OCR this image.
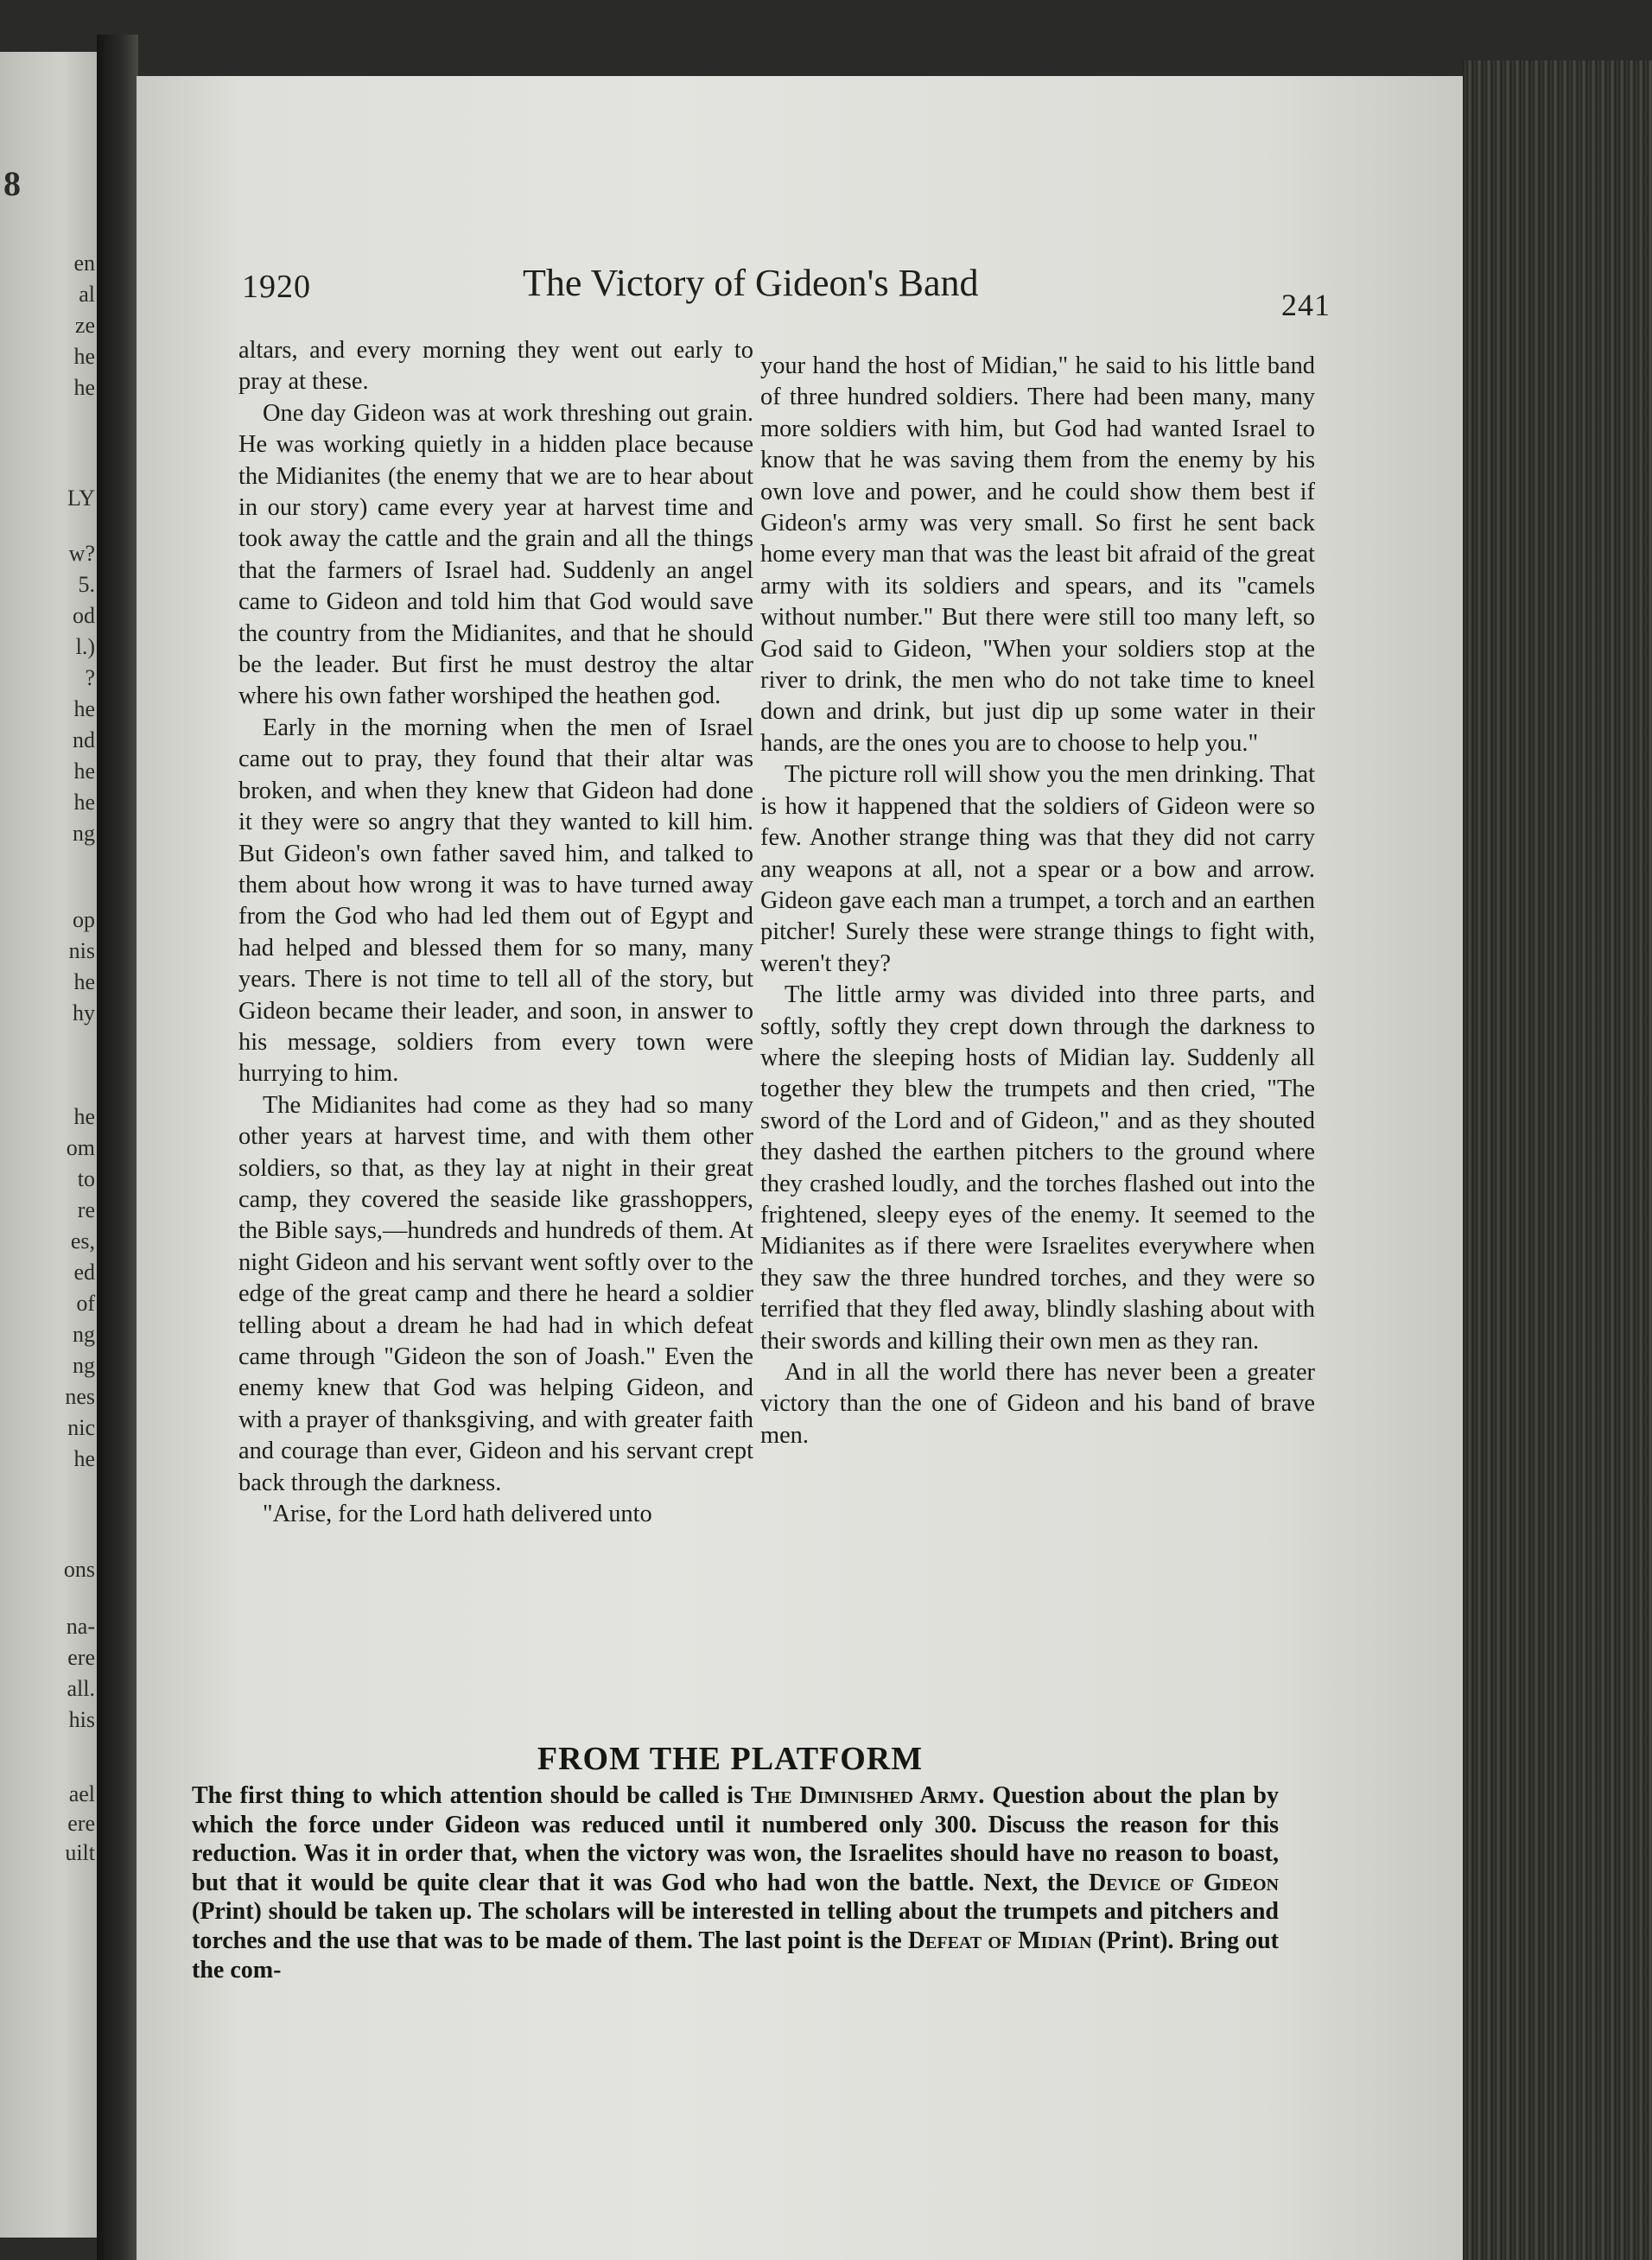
8
en
al
ze
he
he
LY
w?
5.
od
l.)
?
he
nd
he
he
ng
op
nis
he
hy
he
om
to
re
es,
ed
of
ng
ng
nes
nic
he
ons
na-
ere
all.
his
ael
ere
uilt
1920	The Victory of Gideon's Band
241

altars, and every morning they went out early to pray at these.

One day Gideon was at work threshing out grain. He was working quietly in a hidden place because the Midianites (the enemy that we are to hear about in our story) came every year at harvest time and took away the cattle and the grain and all the things that the farmers of Israel had. Suddenly an angel came to Gideon and told him that God would save the country from the Midianites, and that he should be the leader. But first he must destroy the altar where his own father worshiped the heathen god.

Early in the morning when the men of Israel came out to pray, they found that their altar was broken, and when they knew that Gideon had done it they were so angry that they wanted to kill him. But Gideon's own father saved him, and talked to them about how wrong it was to have turned away from the God who had led them out of Egypt and had helped and blessed them for so many, many years. There is not time to tell all of the story, but Gideon became their leader, and soon, in answer to his message, soldiers from every town were hurrying to him.

The Midianites had come as they had so many other years at harvest time, and with them other soldiers, so that, as they lay at night in their great camp, they covered the seaside like grasshoppers, the Bible says,—hundreds and hundreds of them. At night Gideon and his servant went softly over to the edge of the great camp and there he heard a soldier telling about a dream he had had in which defeat came through "Gideon the son of Joash." Even the enemy knew that God was helping Gideon, and with a prayer of thanksgiving, and with greater faith and courage than ever, Gideon and his servant crept back through the darkness.

"Arise, for the Lord hath delivered unto

your hand the host of Midian," he said to his little band of three hundred soldiers. There had been many, many more soldiers with him, but God had wanted Israel to know that he was saving them from the enemy by his own love and power, and he could show them best if Gideon's army was very small. So first he sent back home every man that was the least bit afraid of the great army with its soldiers and spears, and its "camels without number." But there were still too many left, so God said to Gideon, "When your soldiers stop at the river to drink, the men who do not take time to kneel down and drink, but just dip up some water in their hands, are the ones you are to choose to help you."

The picture roll will show you the men drinking. That is how it happened that the soldiers of Gideon were so few. Another strange thing was that they did not carry any weapons at all, not a spear or a bow and arrow. Gideon gave each man a trumpet, a torch and an earthen pitcher! Surely these were strange things to fight with, weren't they?

The little army was divided into three parts, and softly, softly they crept down through the darkness to where the sleeping hosts of Midian lay. Suddenly all together they blew the trumpets and then cried, "The sword of the Lord and of Gideon," and as they shouted they dashed the earthen pitchers to the ground where they crashed loudly, and the torches flashed out into the frightened, sleepy eyes of the enemy. It seemed to the Midianites as if there were Israelites everywhere when they saw the three hundred torches, and they were so terrified that they fled away, blindly slashing about with their swords and killing their own men as they ran.

And in all the world there has never been a greater victory than the one of Gideon and his band of brave men.

FROM THE PLATFORM
The first thing to which attention should be called is The Diminished Army. Question about the plan by which the force under Gideon was reduced until it numbered only 300. Discuss the reason for this reduction. Was it in order that, when the victory was won, the Israelites should have no reason to boast, but that it would be quite clear that it was God who had won the battle. Next, the Device of Gideon (Print) should be taken up. The scholars will be interested in telling about the trumpets and pitchers and torches and the use that was to be made of them. The last point is the Defeat of Midian (Print). Bring out the com-
